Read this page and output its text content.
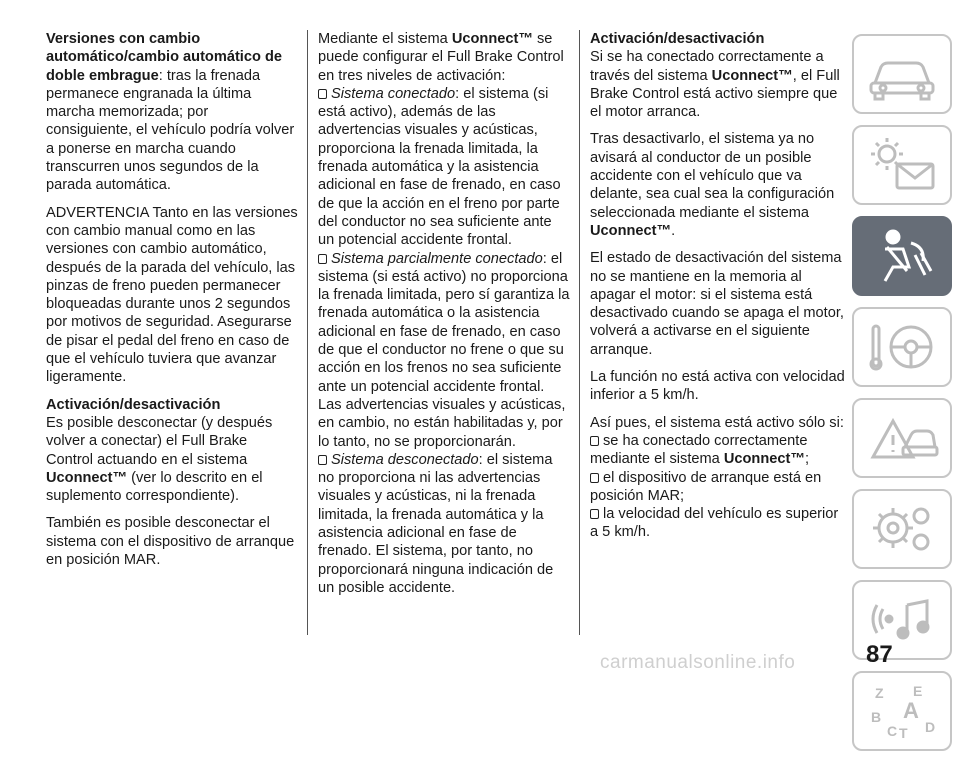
Versiones con cambio automático/cambio automático de doble embrague: tras la frenada permanece engranada la última marcha memorizada; por consiguiente, el vehículo podría volver a ponerse en marcha cuando transcurren unos segundos de la parada automática.

ADVERTENCIA Tanto en las versiones con cambio manual como en las versiones con cambio automático, después de la parada del vehículo, las pinzas de freno pueden permanecer bloqueadas durante unos 2 segundos por motivos de seguridad. Asegurarse de pisar el pedal del freno en caso de que el vehículo tuviera que avanzar ligeramente.

Activación/desactivación

Es posible desconectar (y después volver a conectar) el Full Brake Control actuando en el sistema Uconnect™ (ver lo descrito en el suplemento correspondiente).

También es posible desconectar el sistema con el dispositivo de arranque en posición MAR.

Mediante el sistema Uconnect™ se puede configurar el Full Brake Control en tres niveles de activación:

Sistema conectado: el sistema (si está activo), además de las advertencias visuales y acústicas, proporciona la frenada limitada, la frenada automática y la asistencia adicional en fase de frenado, en caso de que la acción en el freno por parte del conductor no sea suficiente ante un potencial accidente frontal.

Sistema parcialmente conectado: el sistema (si está activo) no proporciona la frenada limitada, pero sí garantiza la frenada automática o la asistencia adicional en fase de frenado, en caso de que el conductor no frene o que su acción en los frenos no sea suficiente ante un potencial accidente frontal. Las advertencias visuales y acústicas, en cambio, no están habilitadas y, por lo tanto, no se proporcionarán.

Sistema desconectado: el sistema no proporciona ni las advertencias visuales y acústicas, ni la frenada limitada, la frenada automática y la asistencia adicional en fase de frenado. El sistema, por tanto, no proporcionará ninguna indicación de un posible accidente.

Activación/desactivación

Si se ha conectado correctamente a través del sistema Uconnect™, el Full Brake Control está activo siempre que el motor arranca.

Tras desactivarlo, el sistema ya no avisará al conductor de un posible accidente con el vehículo que va delante, sea cual sea la configuración seleccionada mediante el sistema Uconnect™.

El estado de desactivación del sistema no se mantiene en la memoria al apagar el motor: si el sistema está desactivado cuando se apaga el motor, volverá a activarse en el siguiente arranque.

La función no está activa con velocidad inferior a 5 km/h.

Así pues, el sistema está activo sólo si:

se ha conectado correctamente mediante el sistema Uconnect™;

el dispositivo de arranque está en posición MAR;

la velocidad del vehículo es superior a 5 km/h.

Z E
B A
C T D
carmanualsonline.info	87
